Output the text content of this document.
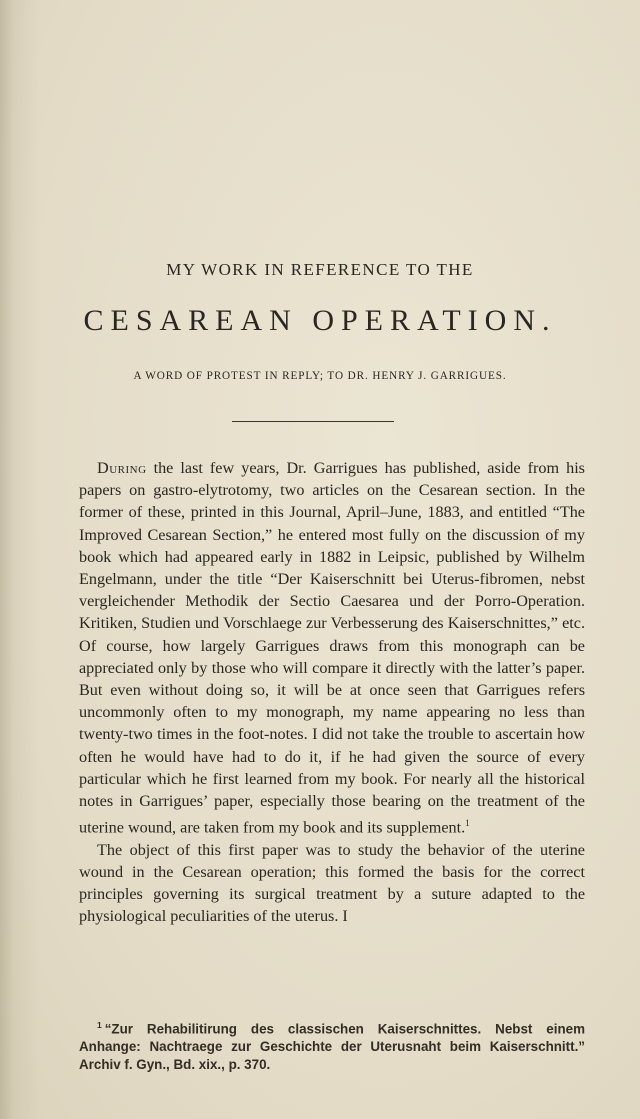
MY WORK IN REFERENCE TO THE
CESAREAN OPERATION.
A WORD OF PROTEST IN REPLY; TO DR. HENRY J. GARRIGUES.

During the last few years, Dr. Garrigues has published, aside from his papers on gastro-elytrotomy, two articles on the Cesarean section. In the former of these, printed in this Journal, April–June, 1883, and entitled “The Improved Cesarean Section,” he entered most fully on the discussion of my book which had appeared early in 1882 in Leipsic, published by Wilhelm Engelmann, under the title “Der Kaiserschnitt bei Uterus-fibromen, nebst vergleichender Methodik der Sectio Caesarea und der Porro-Operation. Kritiken, Studien und Vorschlaege zur Verbesserung des Kaiserschnittes,” etc. Of course, how largely Garrigues draws from this monograph can be appreciated only by those who will compare it directly with the latter’s paper. But even without doing so, it will be at once seen that Garrigues refers uncommonly often to my monograph, my name appearing no less than twenty-two times in the foot-notes. I did not take the trouble to ascertain how often he would have had to do it, if he had given the source of every particular which he first learned from my book. For nearly all the historical notes in Garrigues’ paper, especially those bearing on the treatment of the uterine wound, are taken from my book and its supplement.$^1$

The object of this first paper was to study the behavior of the uterine wound in the Cesarean operation; this formed the basis for the correct principles governing its surgical treatment by a suture adapted to the physiological peculiarities of the uterus. I

$^1$ “Zur Rehabilitirung des classischen Kaiserschnittes. Nebst einem Anhange: Nachtraege zur Geschichte der Uterusnaht beim Kaiserschnitt.” Archiv f. Gyn., Bd. xix., p. 370.
